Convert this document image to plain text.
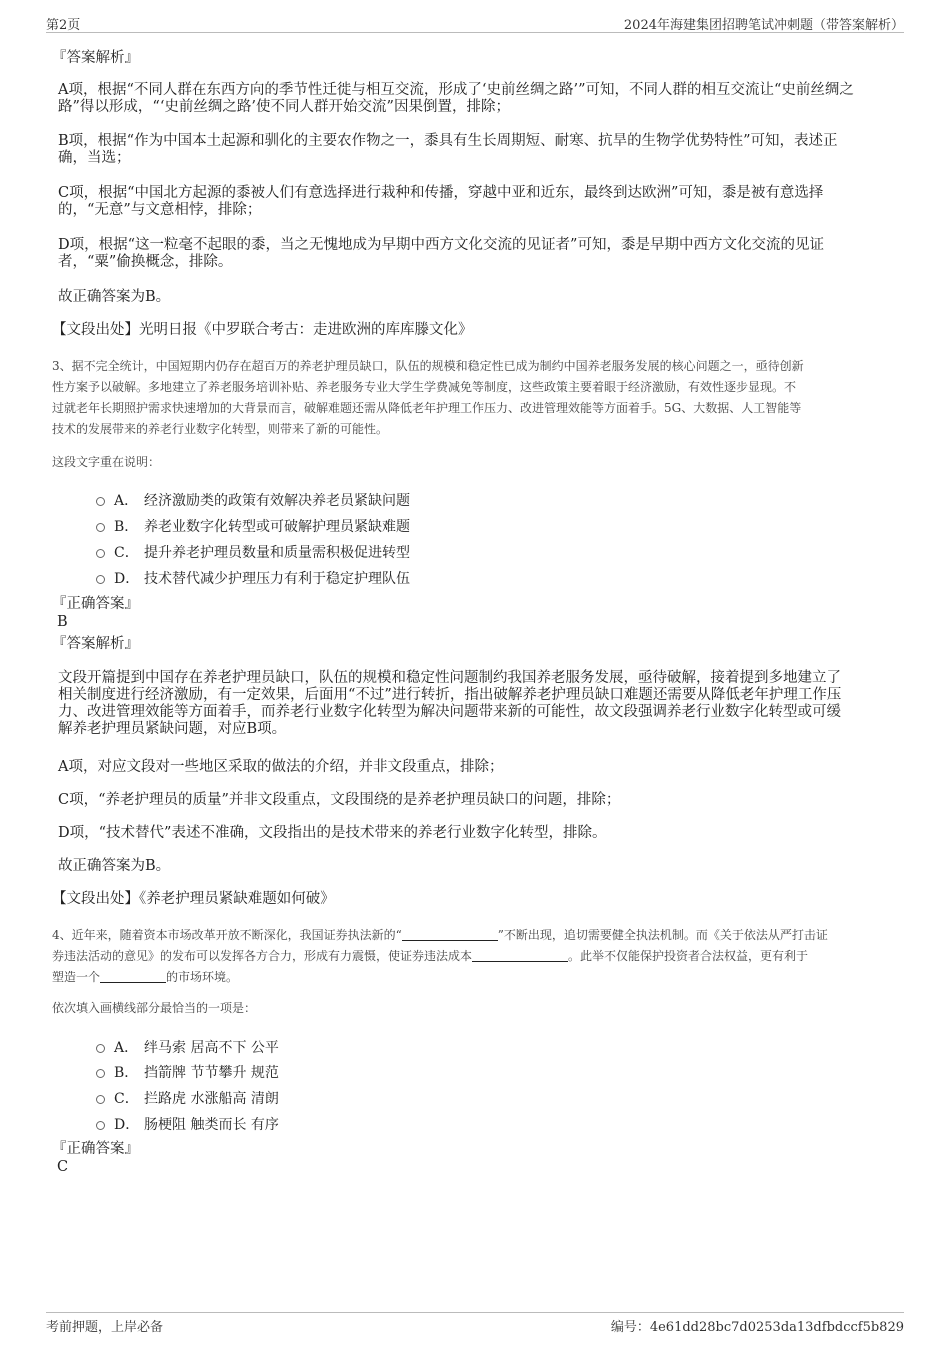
第2页	2024年海建集团招聘笔试冲刺题（带答案解析）
『答案解析』
A项，根据“不同人群在东西方向的季节性迁徙与相互交流，形成了‘史前丝绸之路’”可知，不同人群的相互交流让“史前丝绸之
路”得以形成，“‘史前丝绸之路’使不同人群开始交流”因果倒置，排除；
B项，根据“作为中国本土起源和驯化的主要农作物之一，黍具有生长周期短、耐寒、抗旱的生物学优势特性”可知，表述正
确，当选；
C项，根据“中国北方起源的黍被人们有意选择进行栽种和传播，穿越中亚和近东，最终到达欧洲”可知，黍是被有意选择
的，“无意”与文意相悖，排除；
D项，根据“这一粒毫不起眼的黍，当之无愧地成为早期中西方文化交流的见证者”可知，黍是早期中西方文化交流的见证
者，“粟”偷换概念，排除。
故正确答案为B。
【文段出处】光明日报《中罗联合考古：走进欧洲的库库滕文化》
3、据不完全统计，中国短期内仍存在超百万的养老护理员缺口，队伍的规模和稳定性已成为制约中国养老服务发展的核心问题之一，亟待创新
性方案予以破解。多地建立了养老服务培训补贴、养老服务专业大学生学费减免等制度，这些政策主要着眼于经济激励，有效性逐步显现。不
过就老年长期照护需求快速增加的大背景而言，破解难题还需从降低老年护理工作压力、改进管理效能等方面着手。5G、大数据、人工智能等
技术的发展带来的养老行业数字化转型，则带来了新的可能性。
这段文字重在说明：
A． 经济激励类的政策有效解决养老员紧缺问题
B． 养老业数字化转型或可破解护理员紧缺难题
C． 提升养老护理员数量和质量需积极促进转型
D． 技术替代减少护理压力有利于稳定护理队伍
『正确答案』
B
『答案解析』
文段开篇提到中国存在养老护理员缺口，队伍的规模和稳定性问题制约我国养老服务发展，亟待破解，接着提到多地建立了
相关制度进行经济激励，有一定效果，后面用“不过”进行转折，指出破解养老护理员缺口难题还需要从降低老年护理工作压
力、改进管理效能等方面着手，而养老行业数字化转型为解决问题带来新的可能性，故文段强调养老行业数字化转型或可缓
解养老护理员紧缺问题，对应B项。
A项，对应文段对一些地区采取的做法的介绍，并非文段重点，排除；
C项，“养老护理员的质量”并非文段重点，文段围绕的是养老护理员缺口的问题，排除；
D项，“技术替代”表述不准确，文段指出的是技术带来的养老行业数字化转型，排除。
故正确答案为B。
【文段出处】《养老护理员紧缺难题如何破》
4、近年来，随着资本市场改革开放不断深化，我国证券执法新的“	”不断出现，追切需要健全执法机制。而《关于依法从严打击证
券违法活动的意见》的发布可以发挥各方合力，形成有力震慑，使证券违法成本	。此举不仅能保护投资者合法权益，更有利于
塑造一个	的市场环境。
依次填入画横线部分最恰当的一项是：
A． 绊马索 居高不下 公平
B． 挡箭牌 节节攀升 规范
C． 拦路虎 水涨船高 清朗
D． 肠梗阻 触类而长 有序
『正确答案』
C
考前押题，上岸必备	编号：4e61dd28bc7d0253da13dfbdccf5b829
